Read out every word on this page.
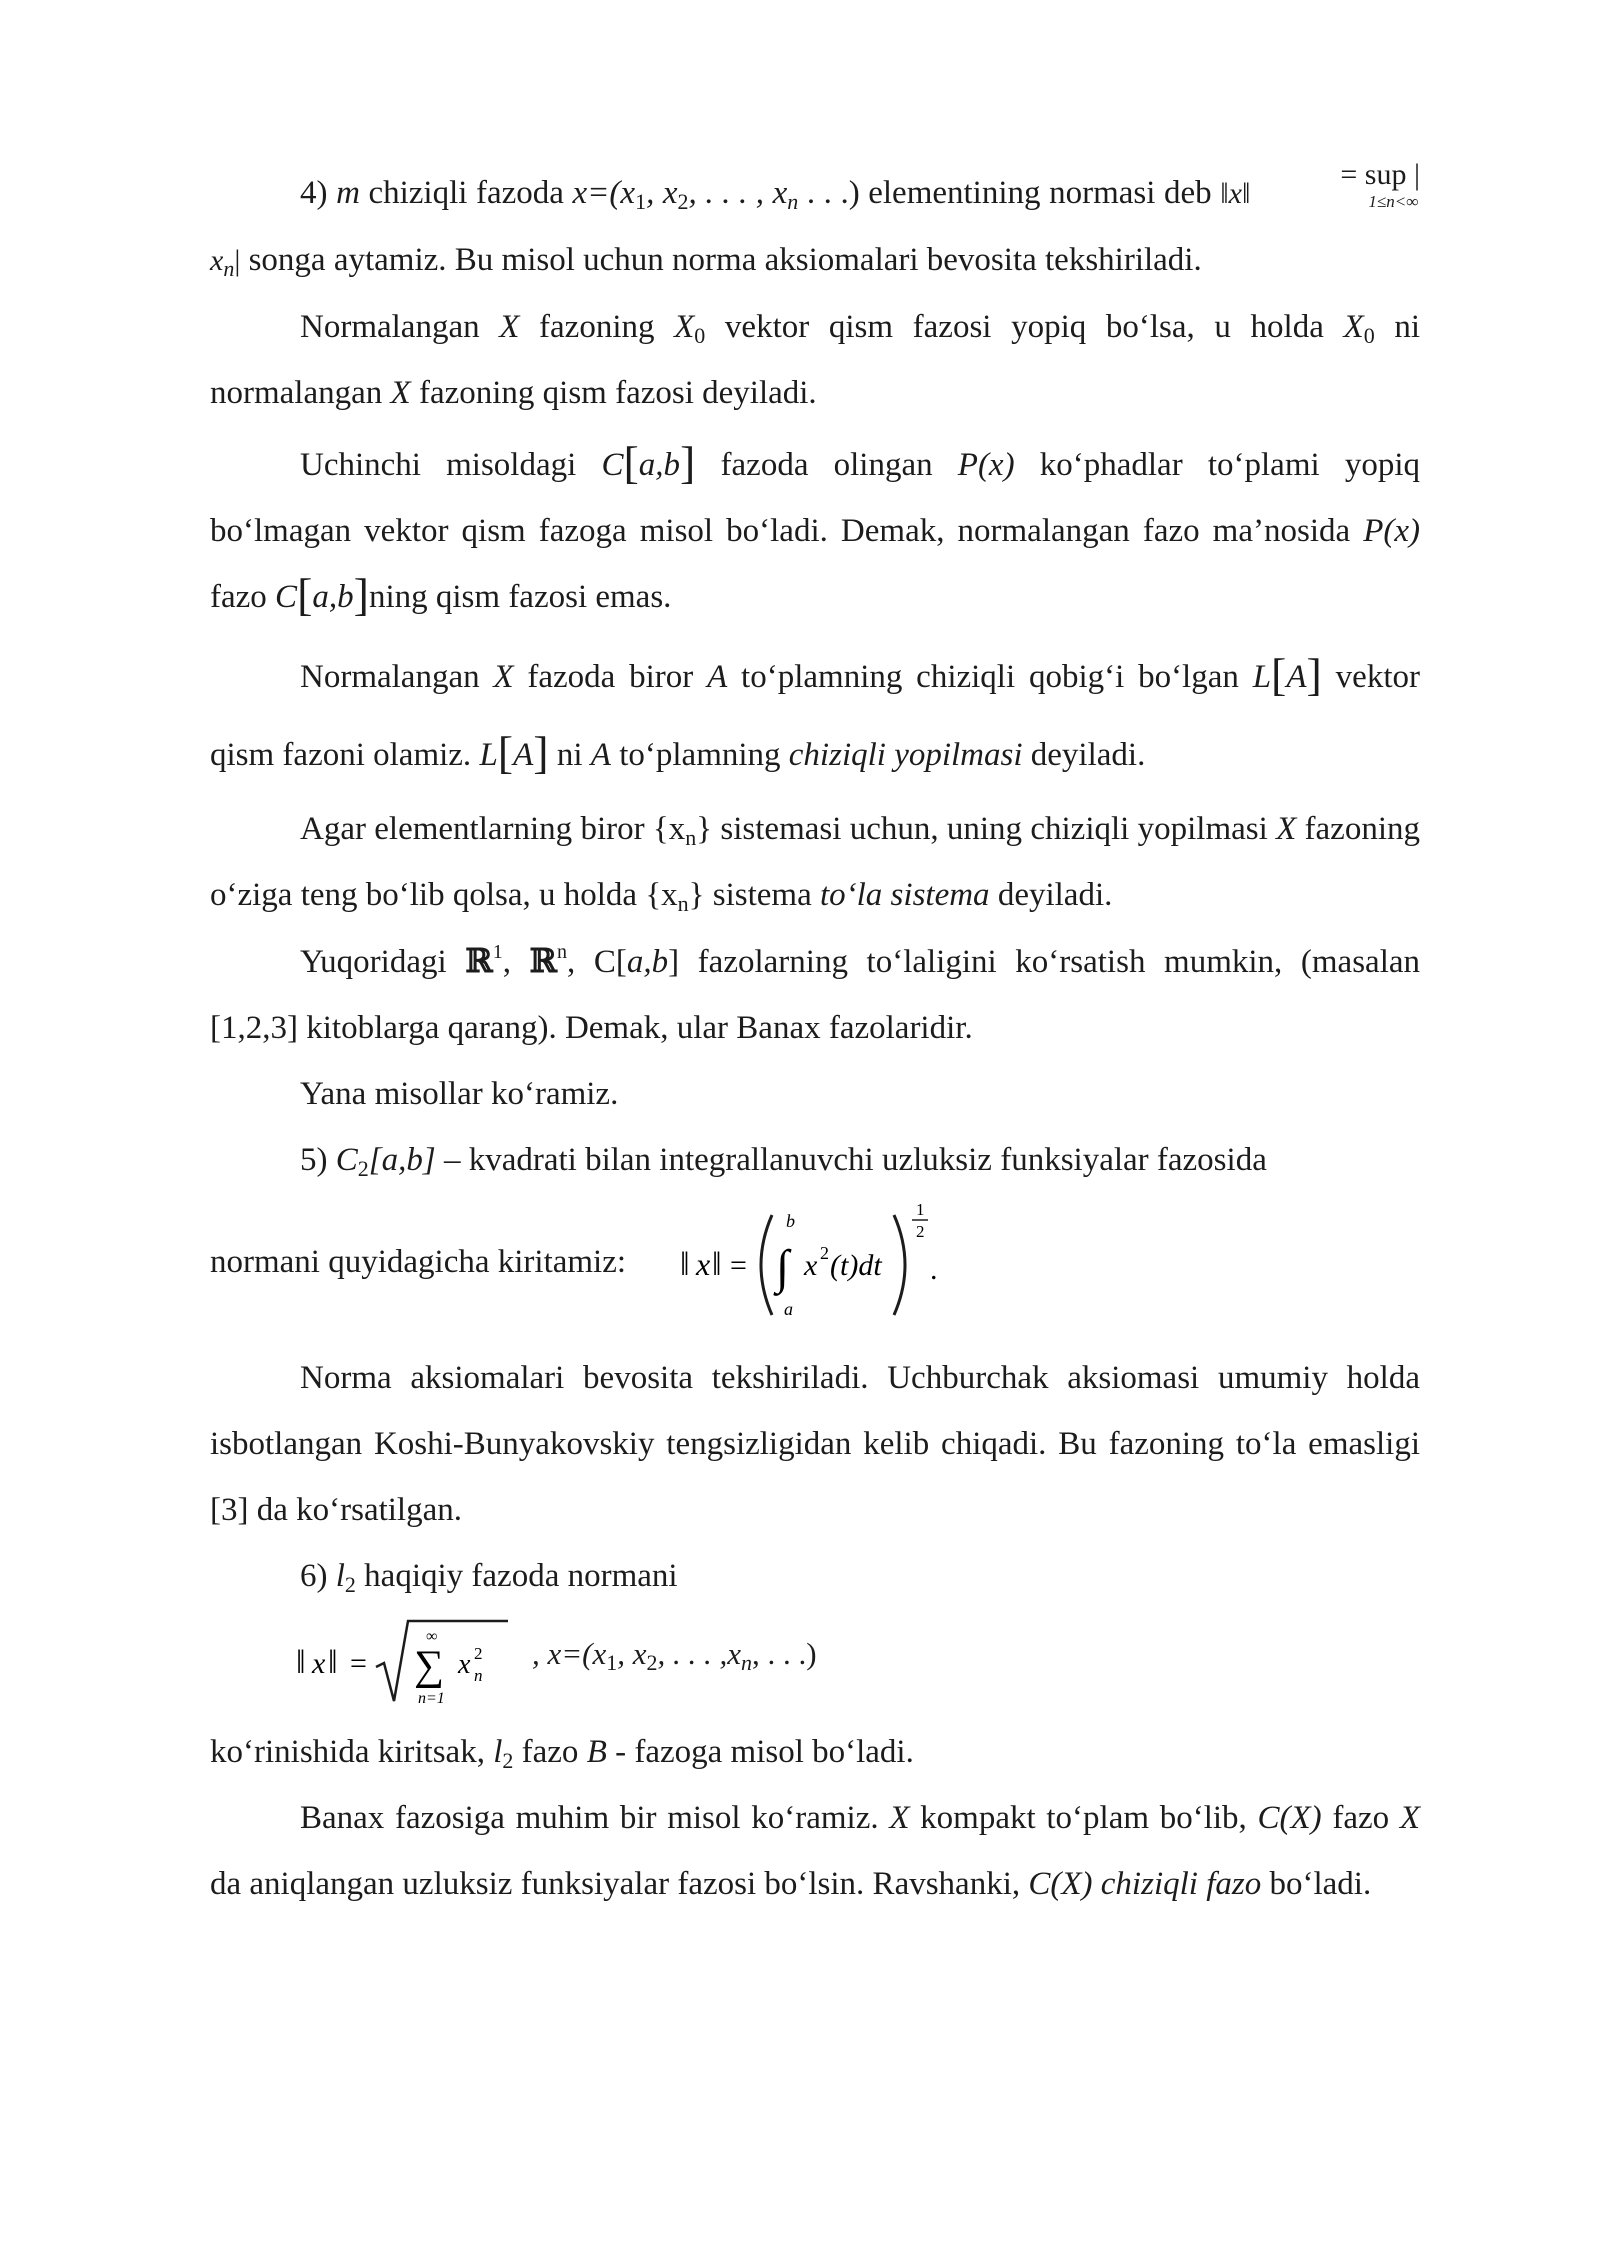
4) m chiziqli fazoda $x=(x_1$, $x_2$, . . . , $x_n$ . . .) elementining normasi deb ‖x‖= sup |
1≤n<∞
$x_n|$ songa aytamiz. Bu misol uchun norma aksiomalari bevosita tekshiriladi.

Normalangan X fazoning $X_0$ vektor qism fazosi yopiq bo‘lsa, u holda $X_0$ ni normalangan X fazoning qism fazosi deyiladi.

Uchinchi misoldagi C[a,b] fazoda olingan P(x) ko‘phadlar to‘plami yopiq bo‘lmagan vektor qism fazoga misol bo‘ladi. Demak, normalangan fazo ma’nosida P(x) fazo C[a,b]ning qism fazosi emas.

Normalangan X fazoda biror A to‘plamning chiziqli qobig‘i bo‘lgan L[A] vektor qism fazoni olamiz. L[A] ni A to‘plamning chiziqli yopilmasi deyiladi.

Agar elementlarning biror $\{x_n\}$ sistemasi uchun, uning chiziqli yopilmasi X fazoning o‘ziga teng bo‘lib qolsa, u holda $\{x_n\}$ sistema to‘la sistema deyiladi.

Yuqoridagi ℝ$^1$, ℝ$^n$, C[a,b] fazolarning to‘laligini ko‘rsatish mumkin, (masalan [1,2,3] kitoblarga qarang). Demak, ular Banax fazolaridir.

Yana misollar ko‘ramiz.

5) $C_2[a,b]$ – kvadrati bilan integrallanuvchi uzluksiz funksiyalar fazosida

normani quyidagicha kiritamiz: ‖ x ‖ =
b
∫
a
x 2 (t)dt
1
2
.

Norma aksiomalari bevosita tekshiriladi. Uchburchak aksiomasi umumiy holda isbotlangan Koshi-Bunyakovskiy tengsizligidan kelib chiqadi. Bu fazoning to‘la emasligi [3] da ko‘rsatilgan.

6) $l_2$ haqiqiy fazoda normani

‖ x ‖ =
∞
∑
n=1
x 2
n
, $x=(x_1$, $x_2$, . . . $,x_n$, . . .)

ko‘rinishida kiritsak, $l_2$ fazo B - fazoga misol bo‘ladi.

Banax fazosiga muhim bir misol ko‘ramiz. X kompakt to‘plam bo‘lib, C(X) fazo X da aniqlangan uzluksiz funksiyalar fazosi bo‘lsin. Ravshanki, C(X) chiziqli fazo bo‘ladi.
